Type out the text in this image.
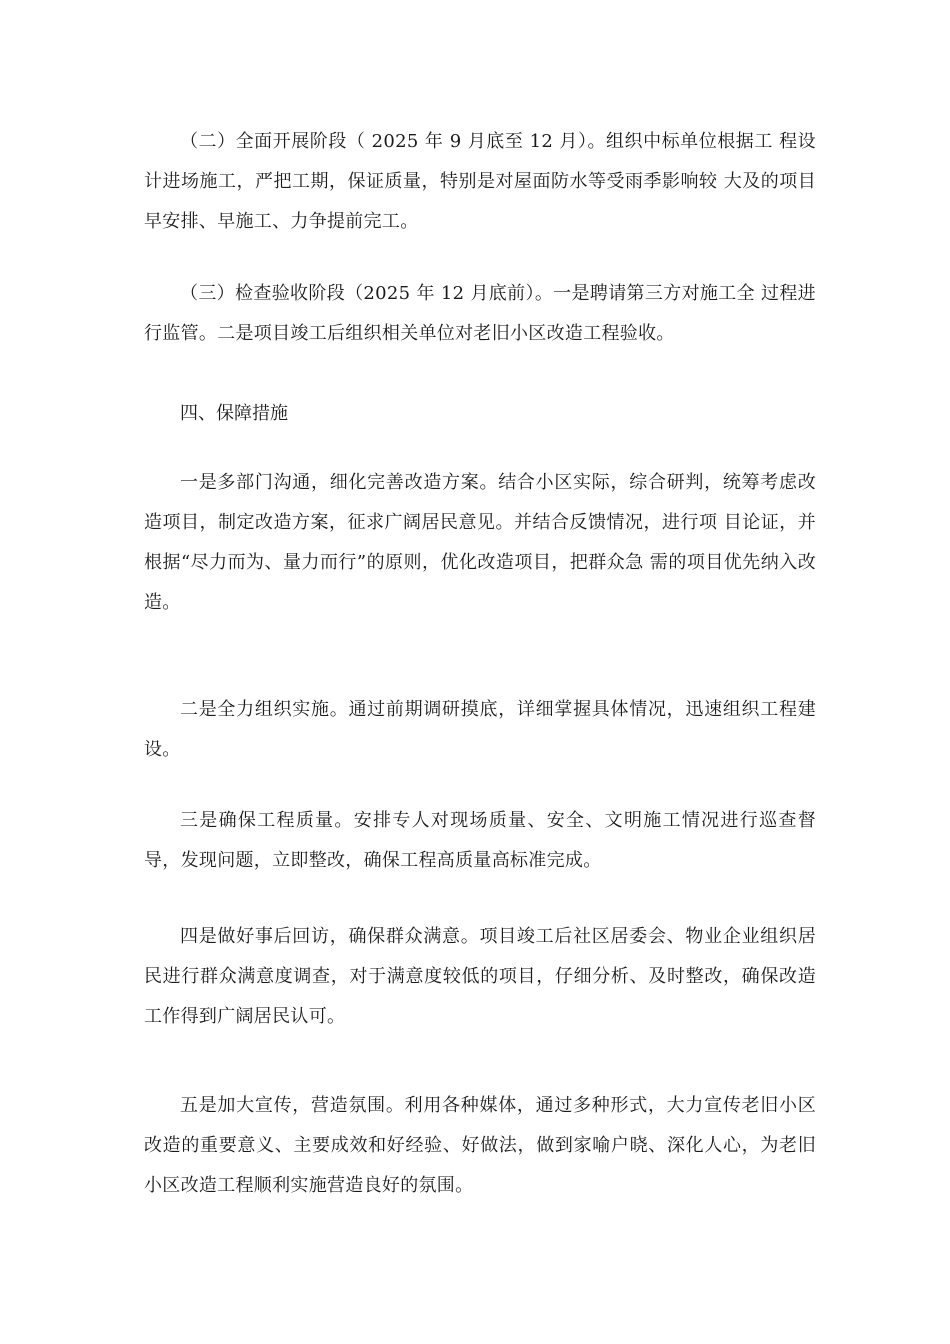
（二）全面开展阶段（ 2025 年 9 月底至 12 月）。组织中标单位根据工 程设计进场施工，严把工期，保证质量，特别是对屋面防水等受雨季影响较 大及的项目早安排、早施工、力争提前完工。

（三）检查验收阶段（2025 年 12 月底前）。一是聘请第三方对施工全 过程进行监管。二是项目竣工后组织相关单位对老旧小区改造工程验收。

四、保障措施

一是多部门沟通，细化完善改造方案。结合小区实际，综合研判，统筹考虑改造项目，制定改造方案，征求广阔居民意见。并结合反馈情况，进行项 目论证，并根据“尽力而为、量力而行”的原则，优化改造项目，把群众急 需的项目优先纳入改造。

二是全力组织实施。通过前期调研摸底，详细掌握具体情况，迅速组织工程建设。

三是确保工程质量。安排专人对现场质量、安全、文明施工情况进行巡查督导，发现问题，立即整改，确保工程高质量高标准完成。

四是做好事后回访，确保群众满意。项目竣工后社区居委会、物业企业组织居民进行群众满意度调查，对于满意度较低的项目，仔细分析、及时整改，确保改造工作得到广阔居民认可。

五是加大宣传，营造氛围。利用各种媒体，通过多种形式，大力宣传老旧小区改造的重要意义、主要成效和好经验、好做法，做到家喻户晓、深化人心，为老旧小区改造工程顺利实施营造良好的氛围。
